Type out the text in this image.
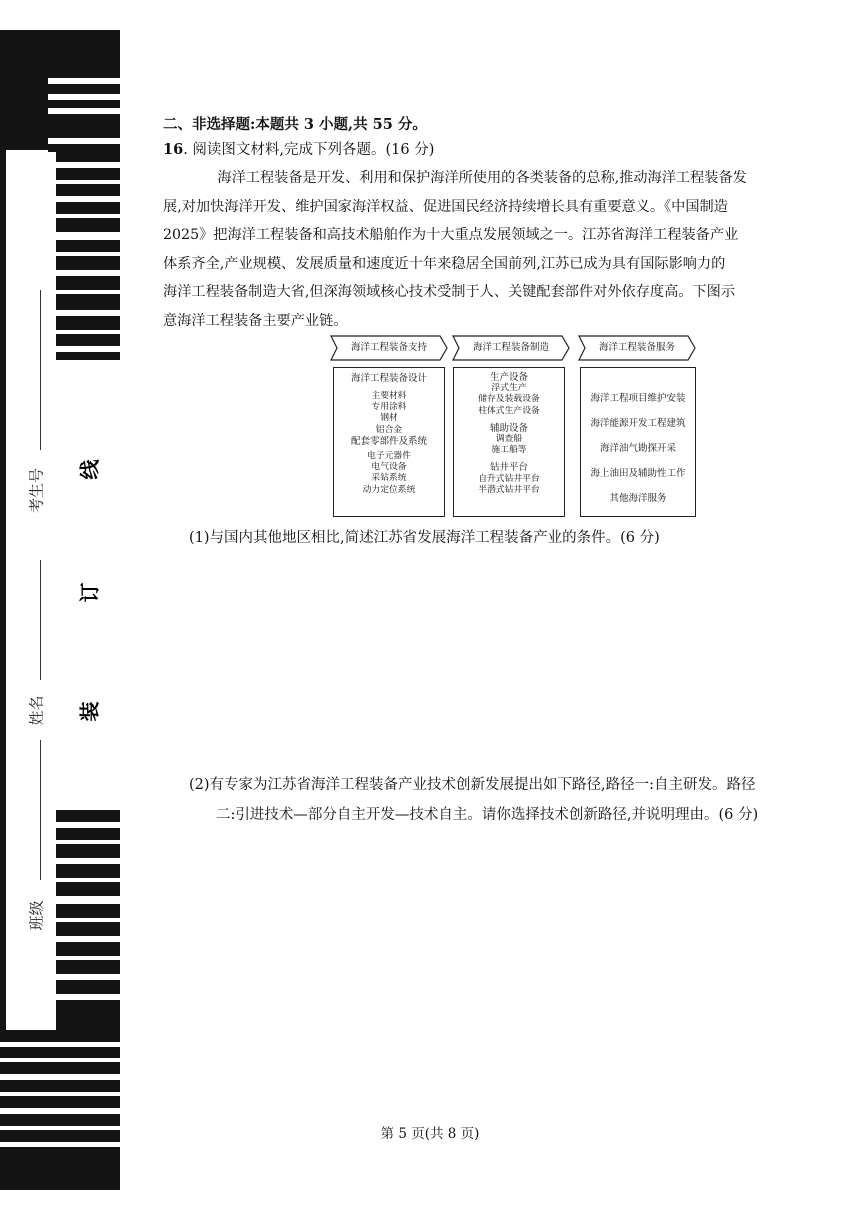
考生号
姓名
班级
线
订
装
二、非选择题:本题共 3 小题,共 55 分。
16. 阅读图文材料,完成下列各题。(16 分)
海洋工程装备是开发、利用和保护海洋所使用的各类装备的总称,推动海洋工程装备发
展,对加快海洋开发、维护国家海洋权益、促进国民经济持续增长具有重要意义。《中国制造
2025》把海洋工程装备和高技术船舶作为十大重点发展领域之一。江苏省海洋工程装备产业
体系齐全,产业规模、发展质量和速度近十年来稳居全国前列,江苏已成为具有国际影响力的
海洋工程装备制造大省,但深海领域核心技术受制于人、关键配套部件对外依存度高。下图示
意海洋工程装备主要产业链。
海洋工程装备支持	海洋工程装备制造	海洋工程装备服务
海洋工程装备设计
主要材料
专用涂料
钢材
铝合金
配套零部件及系统
电子元器件
电气设备
采钻系统
动力定位系统
生产设备
浮式生产
储存及装载设备
柱体式生产设备
辅助设备
调查船
施工船等
钻井平台
自升式钻井平台
半潜式钻井平台
海洋工程项目维护安装
海洋能源开发工程建筑
海洋油气勘探开采
海上油田及辅助性工作
其他海洋服务
(1)与国内其他地区相比,简述江苏省发展海洋工程装备产业的条件。(6 分)
(2)有专家为江苏省海洋工程装备产业技术创新发展提出如下路径,路径一:自主研发。路径
二:引进技术—部分自主开发—技术自主。请你选择技术创新路径,并说明理由。(6 分)
第 5 页(共 8 页)
